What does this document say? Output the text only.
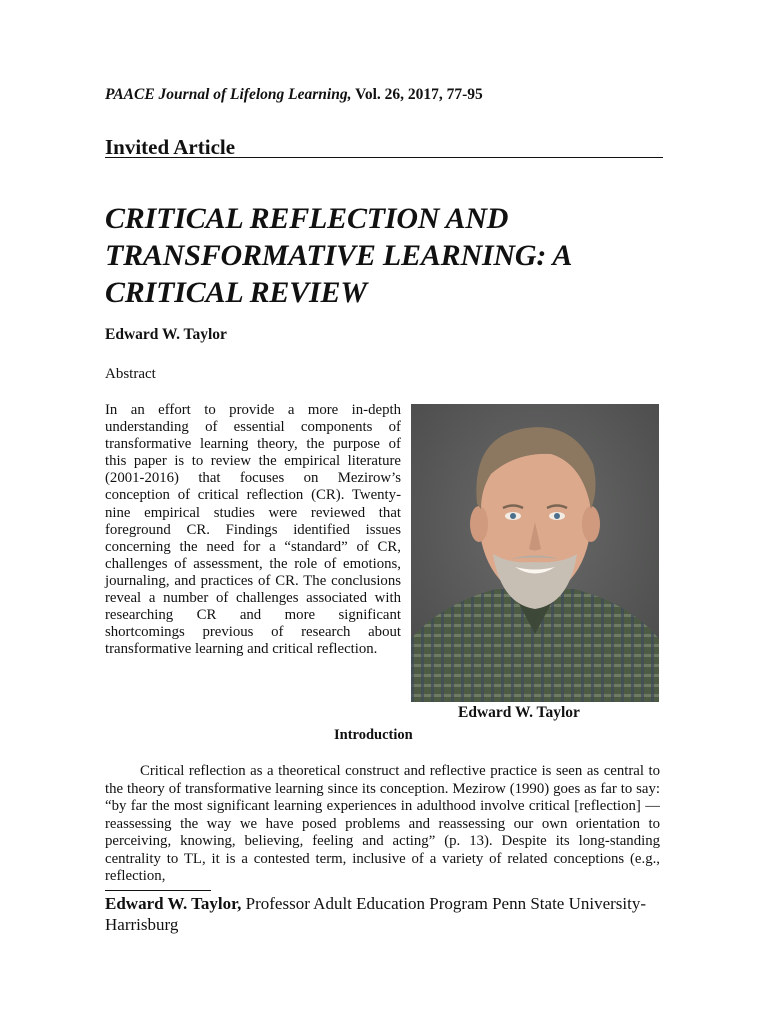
PAACE Journal of Lifelong Learning, Vol. 26, 2017, 77-95
Invited Article
CRITICAL REFLECTION AND TRANSFORMATIVE LEARNING: A CRITICAL REVIEW
Edward W. Taylor
Abstract

In an effort to provide a more in-depth understanding of essential components of transformative learning theory, the purpose of this paper is to review the empirical literature (2001-2016) that focuses on Mezirow’s conception of critical reflection (CR). Twenty-nine empirical studies were reviewed that foreground CR. Findings identified issues concerning the need for a “standard” of CR, challenges of assessment, the role of emotions, journaling, and practices of CR. The conclusions reveal a number of challenges associated with researching CR and more significant shortcomings previous of research about transformative learning and critical reflection.

Edward W. Taylor
Introduction

Critical reflection as a theoretical construct and reflective practice is seen as central to the theory of transformative learning since its conception. Mezirow (1990) goes as far to say: “by far the most significant learning experiences in adulthood involve critical [reflection] —reassessing the way we have posed problems and reassessing our own orientation to perceiving, knowing, believing, feeling and acting” (p. 13). Despite its long-standing centrality to TL, it is a contested term, inclusive of a variety of related conceptions (e.g., reflection,

Edward W. Taylor, Professor Adult Education Program Penn State University-Harrisburg
